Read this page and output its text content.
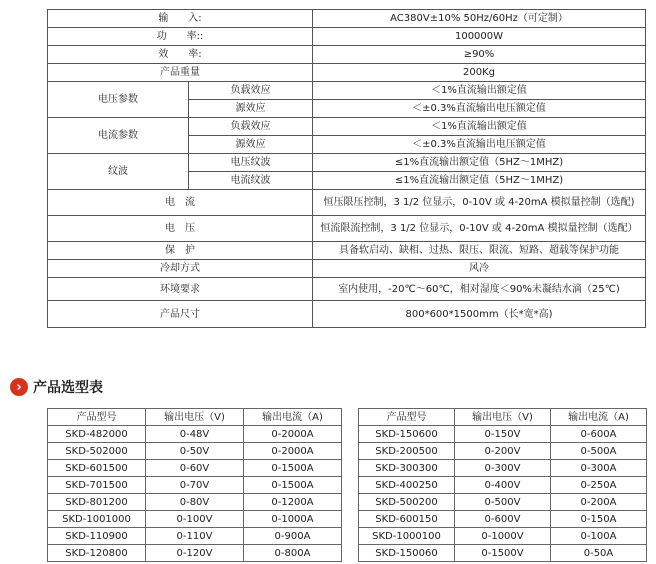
输　　入:		AC380V±10% 50Hz/60Hz（可定制）
功　　率::		100000W
效　　率:		≥90%
产品重量		200Kg
电压参数	负载效应	＜1%直流输出额定值
	源效应	＜±0.3%直流输出电压额定值
电流参数	负载效应	＜1%直流输出额定值
	源效应	＜±0.3%直流输出电压额定值
纹波	电压纹波	≤1%直流输出额定值（5HZ～1MHZ)
	电流纹波	≤1%直流输出额定值（5HZ～1MHZ)
电　流		恒压限压控制，3 1/2 位显示，0-10V 或 4-20mA 模拟量控制（选配)
电　压		恒流限流控制，3 1/2 位显示，0-10V 或 4-20mA 模拟量控制（选配）
保　护		具备软启动、缺相、过热、限压、限流、短路、超载等保护功能
冷却方式		风冷
环境要求		室内使用，-20℃～60℃，相对湿度＜90%未凝结水滴（25℃)
产品尺寸		800*600*1500mm（长*宽*高)
› 产品选型表
产品型号	输出电压（V)	输出电流（A)
SKD-482000	0-48V	0-2000A
SKD-502000	0-50V	0-2000A
SKD-601500	0-60V	0-1500A
SKD-701500	0-70V	0-1500A
SKD-801200	0-80V	0-1200A
SKD-1001000	0-100V	0-1000A
SKD-110900	0-110V	0-900A
SKD-120800	0-120V	0-800A
产品型号	输出电压（V)	输出电流（A)
SKD-150600	0-150V	0-600A
SKD-200500	0-200V	0-500A
SKD-300300	0-300V	0-300A
SKD-400250	0-400V	0-250A
SKD-500200	0-500V	0-200A
SKD-600150	0-600V	0-150A
SKD-1000100	0-1000V	0-100A
SKD-150060	0-1500V	0-50A
